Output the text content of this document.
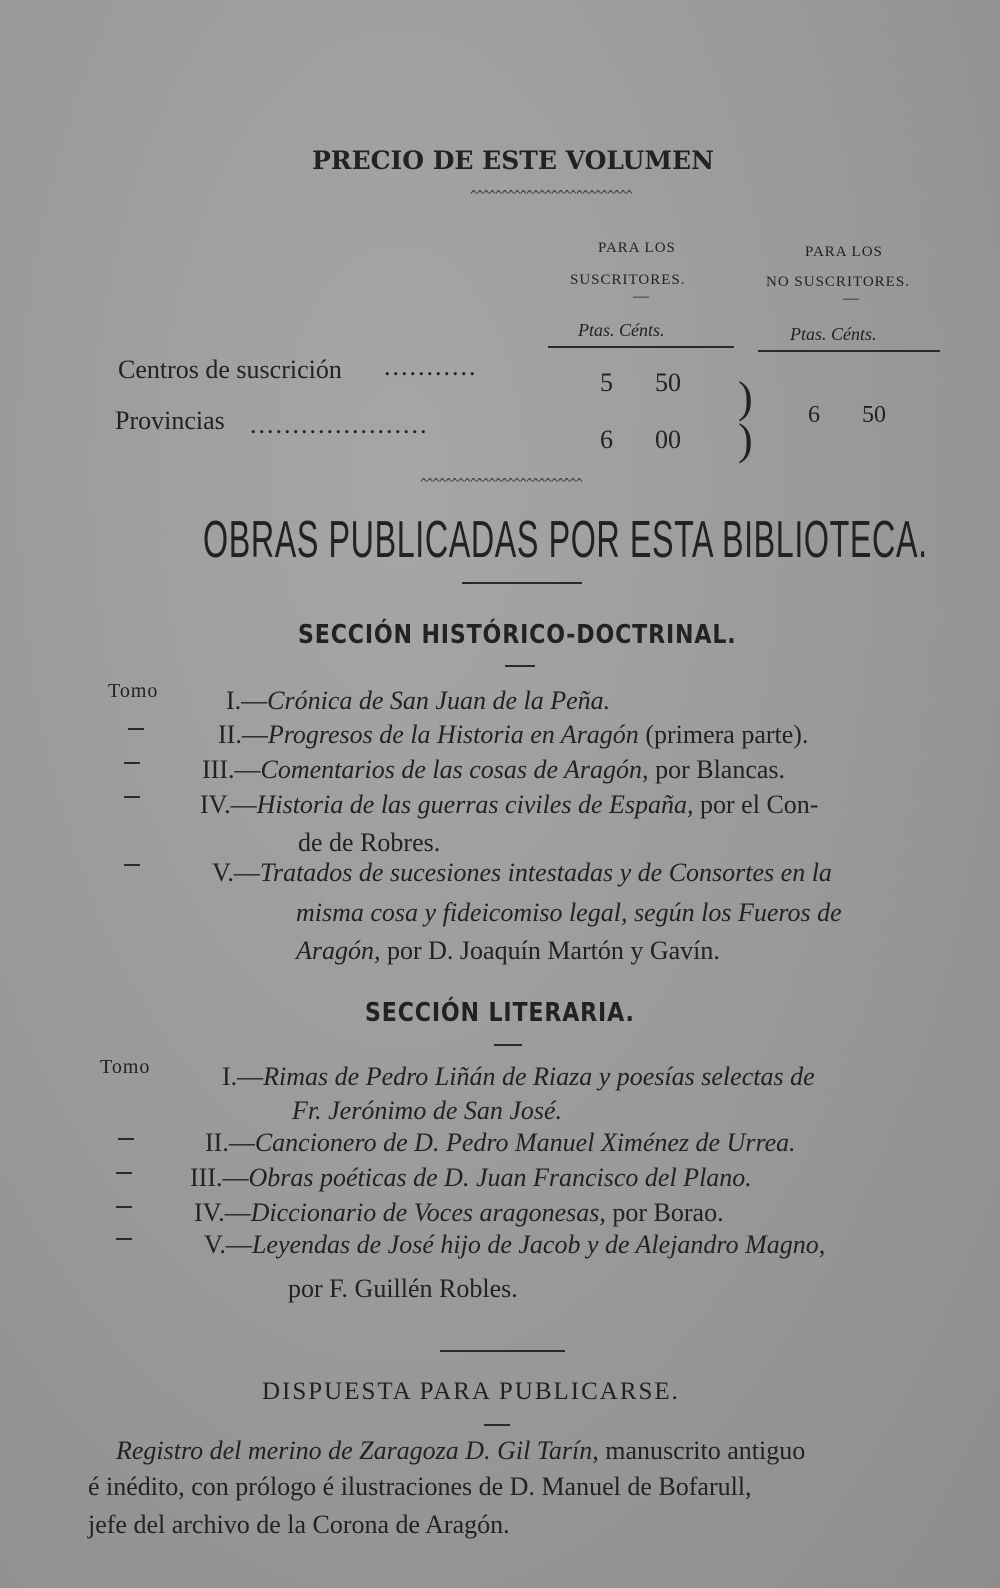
PRECIO DE ESTE VOLUMEN
^^^^^^^^^^^^^^^^^^^^^^^^^^
PARA LOS
SUSCRITORES.
—
PARA LOS
NO SUSCRITORES.
—
Ptas. Cénts.	Ptas. Cénts.
Centros de suscrición ...........
5 50
Provincias .....................
6 00
)
) 6 50
^^^^^^^^^^^^^^^^^^^^^^^^^^
OBRAS PUBLICADAS POR ESTA BIBLIOTECA.
SECCIÓN HISTÓRICO-DOCTRINAL.
Tomo	I.—Crónica de San Juan de la Peña.
II.—Progresos de la Historia en Aragón (primera parte).
III.—Comentarios de las cosas de Aragón, por Blancas.
IV.—Historia de las guerras civiles de España, por el Con-
de de Robres.
V.—Tratados de sucesiones intestadas y de Consortes en la
misma cosa y fideicomiso legal, según los Fueros de
Aragón, por D. Joaquín Martón y Gavín.
SECCIÓN LITERARIA.
Tomo	I.—Rimas de Pedro Liñán de Riaza y poesías selectas de
Fr. Jerónimo de San José.
II.—Cancionero de D. Pedro Manuel Ximénez de Urrea.
III.—Obras poéticas de D. Juan Francisco del Plano.
IV.—Diccionario de Voces aragonesas, por Borao.
V.—Leyendas de José hijo de Jacob y de Alejandro Magno,
por F. Guillén Robles.
DISPUESTA PARA PUBLICARSE.
Registro del merino de Zaragoza D. Gil Tarín, manuscrito antiguo
é inédito, con prólogo é ilustraciones de D. Manuel de Bofarull,
jefe del archivo de la Corona de Aragón.
